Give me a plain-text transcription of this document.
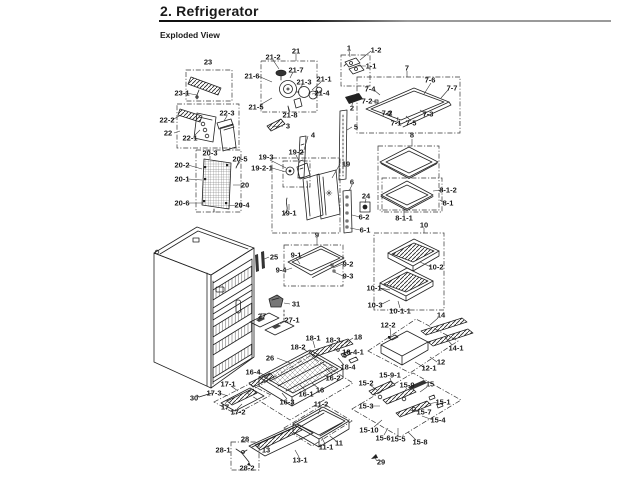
2. Refrigerator
Exploded View
23
23-1
21-2
21
21-6
21-7
21-3 21-1
21-4
21-5
21-8
1	1-2
1-1	7
7-6
7-7
7-4
7-2
7-2
7-1 7-5
7-3
2
3
4
5
22-2
22
22-3
22-1	8
8-1-2
8-1
8-1-1
20-3
20-2
20-1
20-5
20
20-6	20-4
19-3
19-2
19-2-1	19
19-1
6
24
6-2
6-1
9
9-1
9-4
9-2
9-3
25
10
10-2
10-1
10-3
10-1-1	14
14-1
31
27 27-1
12-2
12
12-1
26
18-1 18-3 18
18-2
18-4-1
18-4
16-2
16-4
16
16-1
16-3
15-9-1
15-2	15-9 15
15-1
15-3
15-7
15-4
15-10
15-6 15-5 15-8
17-1
17-3
17
17-2
30
11-2
11-1 11
13
13-1
28
28-1
28-2
29
